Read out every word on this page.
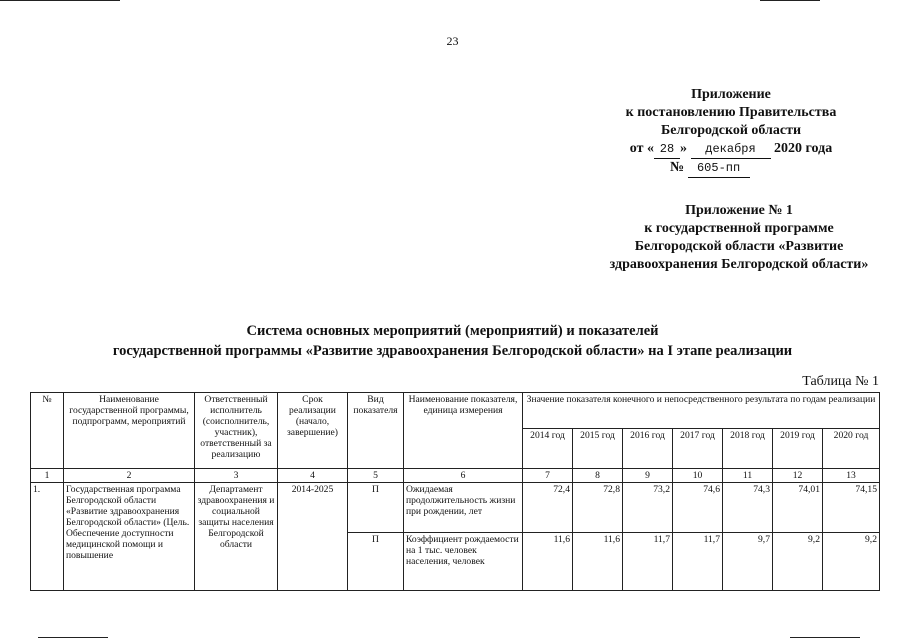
23
Приложение
к постановлению Правительства
Белгородской области
от « 28 » декабря 2020 года
№ 605-пп
Приложение № 1
к государственной программе
Белгородской области «Развитие
здравоохранения Белгородской области»
Система основных мероприятий (мероприятий) и показателей
государственной программы «Развитие здравоохранения Белгородской области» на I этапе реализации
Таблица № 1
№	Наименование государственной программы, подпрограмм, мероприятий	Ответственный исполнитель (соисполнитель, участник), ответственный за реализацию	Срок реализации (начало, завершение)	Вид показателя	Наименование показателя, единица измерения	Значение показателя конечного и непосредственного результата по годам реализации						
						2014 год	2015 год	2016 год	2017 год	2018 год	2019 год	2020 год
1	2	3	4	5	6	7	8	9	10	11	12	13
1.	Государственная программа Белгородской области «Развитие здравоохранения Белгородской области» (Цель. Обеспечение доступности медицинской помощи и повышение	Департамент здравоохранения и социальной защиты населения Белгородской области	2014-2025	П	Ожидаемая продолжительность жизни при рождении, лет	72,4	72,8	73,2	74,6	74,3	74,01	74,15
				П	Коэффициент рождаемости на 1 тыс. человек населения, человек	11,6	11,6	11,7	11,7	9,7	9,2	9,2
